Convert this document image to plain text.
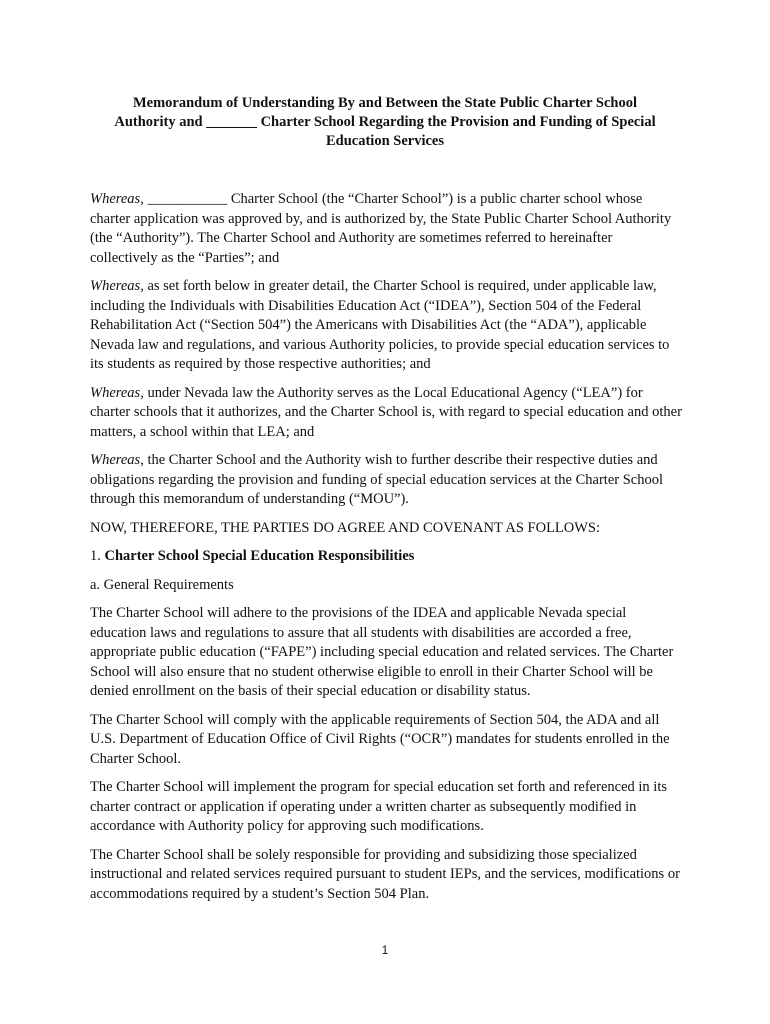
Memorandum of Understanding By and Between the State Public Charter School
Authority and _______ Charter School Regarding the Provision and Funding of Special
Education Services

Whereas, ___________ Charter School (the “Charter School”) is a public charter school whose charter application was approved by, and is authorized by, the State Public Charter School Authority (the “Authority”). The Charter School and Authority are sometimes referred to hereinafter collectively as the “Parties”; and

Whereas, as set forth below in greater detail, the Charter School is required, under applicable law, including the Individuals with Disabilities Education Act (“IDEA”), Section 504 of the Federal Rehabilitation Act (“Section 504”) the Americans with Disabilities Act (the “ADA”), applicable Nevada law and regulations, and various Authority policies, to provide special education services to its students as required by those respective authorities; and

Whereas, under Nevada law the Authority serves as the Local Educational Agency (“LEA”) for charter schools that it authorizes, and the Charter School is, with regard to special education and other matters, a school within that LEA; and

Whereas, the Charter School and the Authority wish to further describe their respective duties and obligations regarding the provision and funding of special education services at the Charter School through this memorandum of understanding (“MOU”).

NOW, THEREFORE, THE PARTIES DO AGREE AND COVENANT AS FOLLOWS:

1. Charter School Special Education Responsibilities

a. General Requirements

The Charter School will adhere to the provisions of the IDEA and applicable Nevada special education laws and regulations to assure that all students with disabilities are accorded a free, appropriate public education (“FAPE”) including special education and related services. The Charter School will also ensure that no student otherwise eligible to enroll in their Charter School will be denied enrollment on the basis of their special education or disability status.

The Charter School will comply with the applicable requirements of Section 504, the ADA and all U.S. Department of Education Office of Civil Rights (“OCR”) mandates for students enrolled in the Charter School.

The Charter School will implement the program for special education set forth and referenced in its charter contract or application if operating under a written charter as subsequently modified in accordance with Authority policy for approving such modifications.

The Charter School shall be solely responsible for providing and subsidizing those specialized instructional and related services required pursuant to student IEPs, and the services, modifications or accommodations required by a student’s Section 504 Plan.

1
